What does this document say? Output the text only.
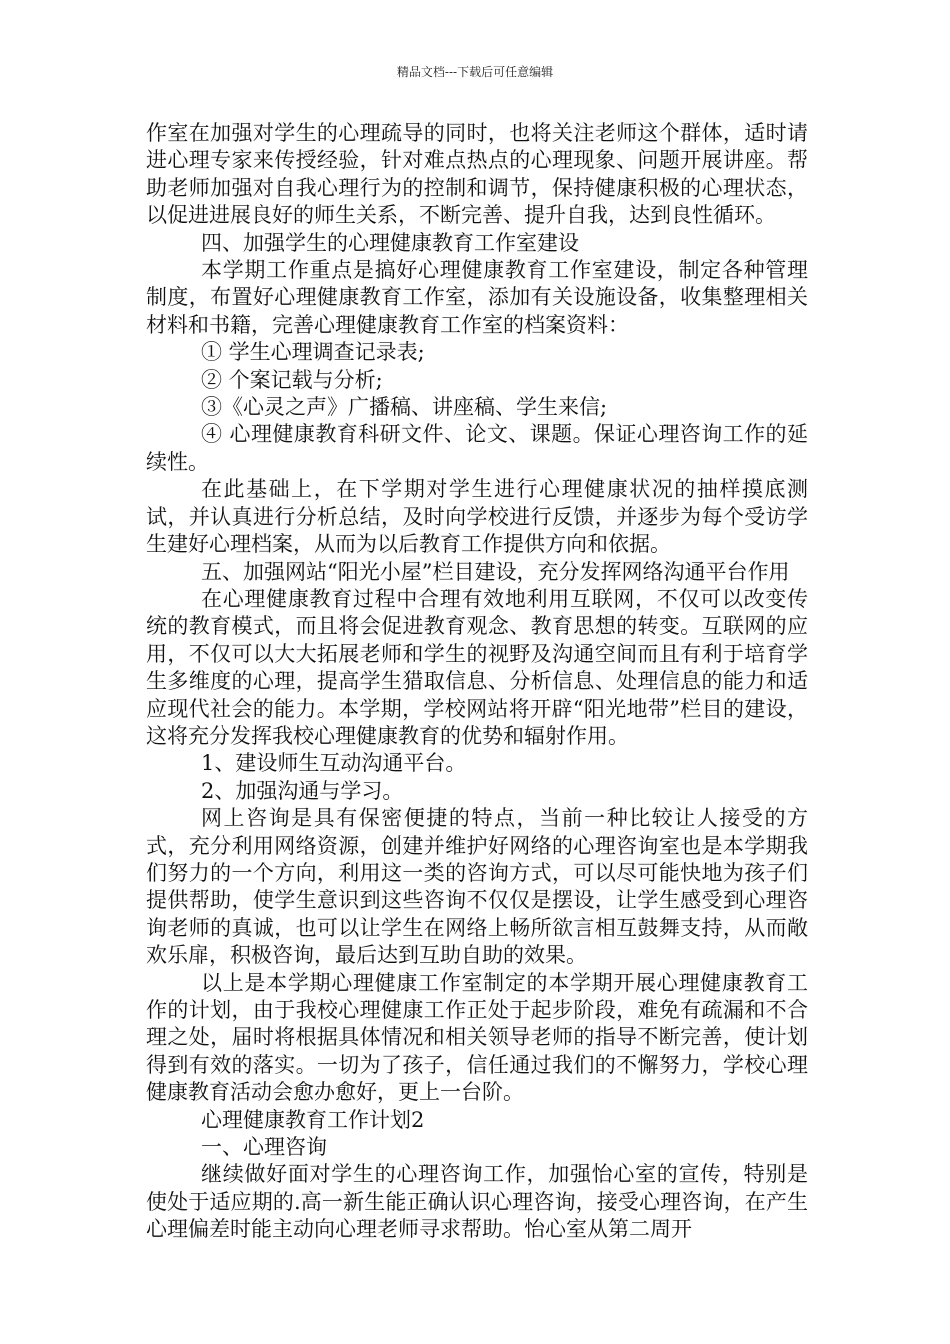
精品文档---下载后可任意编辑

作室在加强对学生的心理疏导的同时，也将关注老师这个群体，适时请进心理专家来传授经验，针对难点热点的心理现象、问题开展讲座。帮助老师加强对自我心理行为的控制和调节，保持健康积极的心理状态，以促进进展良好的师生关系，不断完善、提升自我，达到良性循环。

四、加强学生的心理健康教育工作室建设

本学期工作重点是搞好心理健康教育工作室建设，制定各种管理制度，布置好心理健康教育工作室，添加有关设施设备，收集整理相关材料和书籍，完善心理健康教育工作室的档案资料：

① 学生心理调查记录表;

② 个案记载与分析;

③《心灵之声》广播稿、讲座稿、学生来信;

④ 心理健康教育科研文件、论文、课题。保证心理咨询工作的延续性。

在此基础上，在下学期对学生进行心理健康状况的抽样摸底测试，并认真进行分析总结，及时向学校进行反馈，并逐步为每个受访学生建好心理档案，从而为以后教育工作提供方向和依据。

五、加强网站“阳光小屋”栏目建设，充分发挥网络沟通平台作用

在心理健康教育过程中合理有效地利用互联网，不仅可以改变传统的教育模式，而且将会促进教育观念、教育思想的转变。互联网的应用，不仅可以大大拓展老师和学生的视野及沟通空间而且有利于培育学生多维度的心理，提高学生猎取信息、分析信息、处理信息的能力和适应现代社会的能力。本学期，学校网站将开辟“阳光地带”栏目的建设，这将充分发挥我校心理健康教育的优势和辐射作用。

1、建设师生互动沟通平台。

2、加强沟通与学习。

网上咨询是具有保密便捷的特点，当前一种比较让人接受的方式，充分利用网络资源，创建并维护好网络的心理咨询室也是本学期我们努力的一个方向，利用这一类的咨询方式，可以尽可能快地为孩子们提供帮助，使学生意识到这些咨询不仅仅是摆设，让学生感受到心理咨询老师的真诚，也可以让学生在网络上畅所欲言相互鼓舞支持，从而敞欢乐扉，积极咨询，最后达到互助自助的效果。

以上是本学期心理健康工作室制定的本学期开展心理健康教育工作的计划，由于我校心理健康工作正处于起步阶段，难免有疏漏和不合理之处，届时将根据具体情况和相关领导老师的指导不断完善，使计划得到有效的落实。一切为了孩子，信任通过我们的不懈努力，学校心理健康教育活动会愈办愈好，更上一台阶。

心理健康教育工作计划2

一、心理咨询

继续做好面对学生的心理咨询工作，加强怡心室的宣传，特别是使处于适应期的.高一新生能正确认识心理咨询，接受心理咨询，在产生心理偏差时能主动向心理老师寻求帮助。怡心室从第二周开
